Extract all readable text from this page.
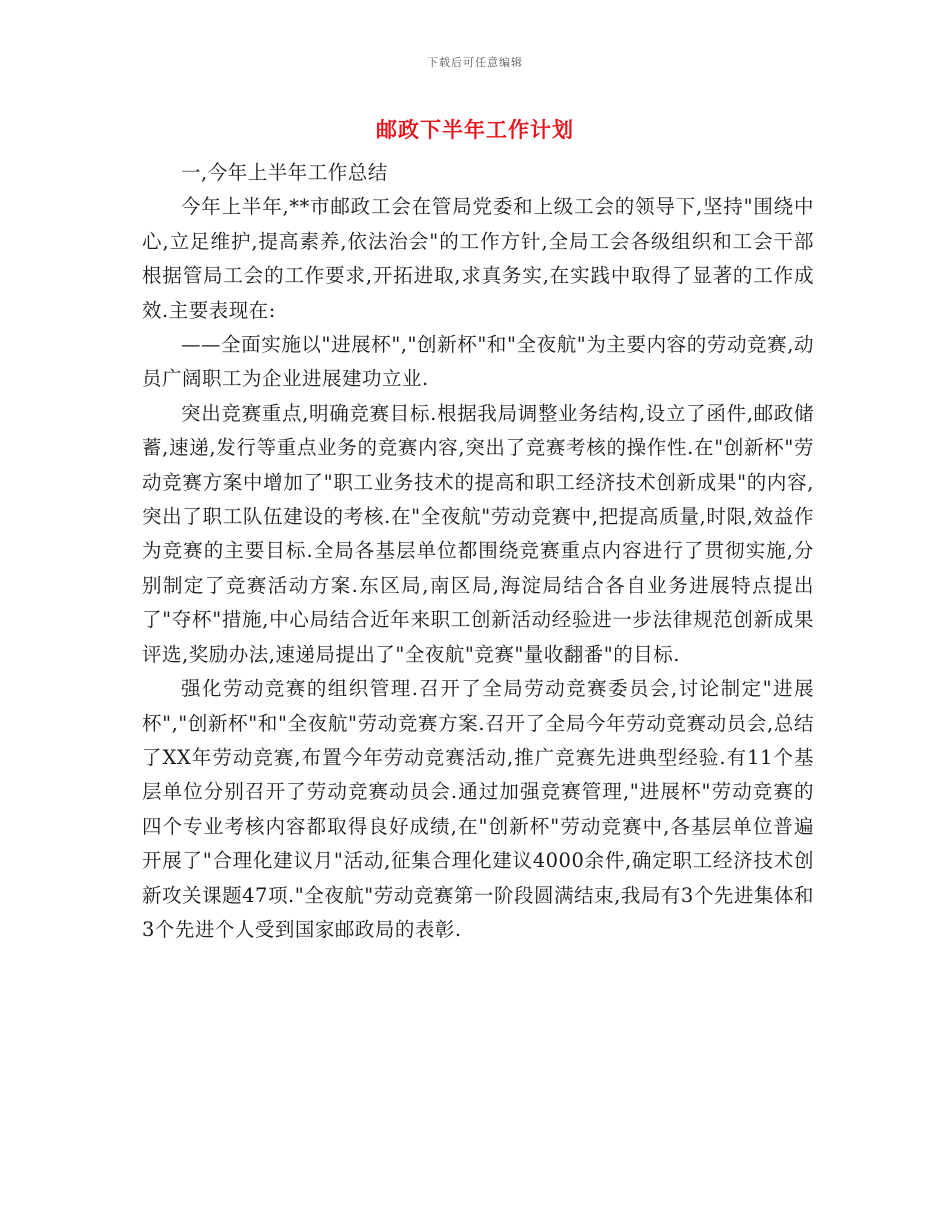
下载后可任意编辑
邮政下半年工作计划

一,今年上半年工作总结

今年上半年,**市邮政工会在管局党委和上级工会的领导下,坚持"围绕中心,立足维护,提高素养,依法治会"的工作方针,全局工会各级组织和工会干部根据管局工会的工作要求,开拓进取,求真务实,在实践中取得了显著的工作成效.主要表现在:

——全面实施以"进展杯","创新杯"和"全夜航"为主要内容的劳动竞赛,动员广阔职工为企业进展建功立业.

突出竞赛重点,明确竞赛目标.根据我局调整业务结构,设立了函件,邮政储蓄,速递,发行等重点业务的竞赛内容,突出了竞赛考核的操作性.在"创新杯"劳动竞赛方案中增加了"职工业务技术的提高和职工经济技术创新成果"的内容,突出了职工队伍建设的考核.在"全夜航"劳动竞赛中,把提高质量,时限,效益作为竞赛的主要目标.全局各基层单位都围绕竞赛重点内容进行了贯彻实施,分别制定了竞赛活动方案.东区局,南区局,海淀局结合各自业务进展特点提出了"夺杯"措施,中心局结合近年来职工创新活动经验进一步法律规范创新成果评选,奖励办法,速递局提出了"全夜航"竞赛"量收翻番"的目标.

强化劳动竞赛的组织管理.召开了全局劳动竞赛委员会,讨论制定"进展杯","创新杯"和"全夜航"劳动竞赛方案.召开了全局今年劳动竞赛动员会,总结了XX年劳动竞赛,布置今年劳动竞赛活动,推广竞赛先进典型经验.有11个基层单位分别召开了劳动竞赛动员会.通过加强竞赛管理,"进展杯"劳动竞赛的四个专业考核内容都取得良好成绩,在"创新杯"劳动竞赛中,各基层单位普遍开展了"合理化建议月"活动,征集合理化建议4000余件,确定职工经济技术创新攻关课题47项."全夜航"劳动竞赛第一阶段圆满结束,我局有3个先进集体和3个先进个人受到国家邮政局的表彰.
